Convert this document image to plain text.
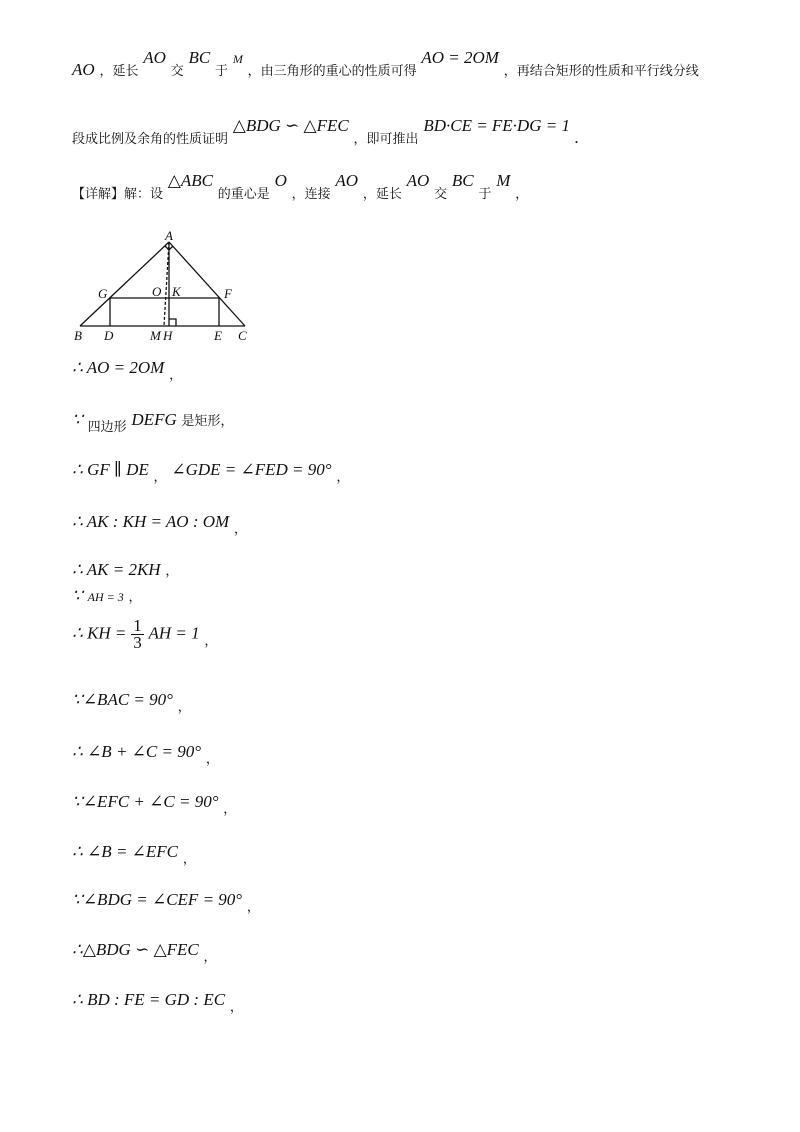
AO ，延长 AO 交 BC 于 $^M$ ，由三角形的重心的性质可得 AO = 2OM ，再结合矩形的性质和平行线分线
段成比例及余角的性质证明 △BDG ∽ △FEC ，即可推出 BD·CE = FE·DG = 1 .
【详解】解：设 △ABC 的重心是 O ，连接 AO ，延长 AO 交 BC 于 M ，
A
G	O K	F
B D	M H	E C
∴ AO = 2OM ，
∵ 四边形 DEFG 是矩形，
∴ GF ∥ DE ， ∠GDE = ∠FED = 90° ，
∴ AK : KH = AO : OM ，
∴ AK = 2KH ，
∵ AH = 3 ，
∴ KH = $\frac{1}{3}$ AH = 1 ，
∵∠BAC = 90° ，
∴ ∠B + ∠C = 90° ，
∵∠EFC + ∠C = 90° ，
∴ ∠B = ∠EFC ，
∵∠BDG = ∠CEF = 90° ，
∴△BDG ∽ △FEC ，
∴ BD : FE = GD : EC ，
